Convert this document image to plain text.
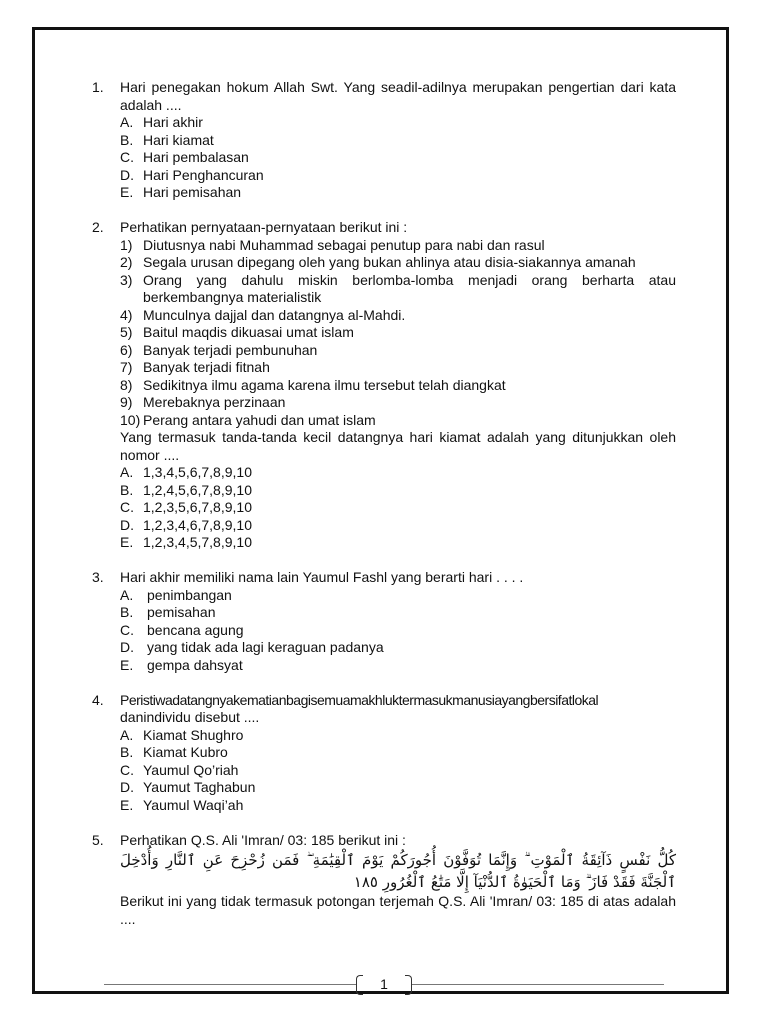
1. Hari penegakan hokum Allah Swt. Yang seadil-adilnya merupakan pengertian dari kata adalah ....
A. Hari akhir
B. Hari kiamat
C. Hari pembalasan
D. Hari Penghancuran
E. Hari pemisahan
2. Perhatikan pernyataan-pernyataan berikut ini :
1) Diutusnya nabi Muhammad sebagai penutup para nabi dan rasul
2) Segala urusan dipegang oleh yang bukan ahlinya atau disia-siakannya amanah
3) Orang yang dahulu miskin berlomba-lomba menjadi orang berharta atau berkembangnya materialistik
4) Munculnya dajjal dan datangnya al-Mahdi.
5) Baitul maqdis dikuasai umat islam
6) Banyak terjadi pembunuhan
7) Banyak terjadi fitnah
8) Sedikitnya ilmu agama karena ilmu tersebut telah diangkat
9) Merebaknya perzinaan
10) Perang antara yahudi dan umat islam
Yang termasuk tanda-tanda kecil datangnya hari kiamat adalah yang ditunjukkan oleh nomor ....
A. 1,3,4,5,6,7,8,9,10
B. 1,2,4,5,6,7,8,9,10
C. 1,2,3,5,6,7,8,9,10
D. 1,2,3,4,6,7,8,9,10
E. 1,2,3,4,5,7,8,9,10
3. Hari akhir memiliki nama lain Yaumul Fashl yang berarti hari . . . .
A. penimbangan
B. pemisahan
C. bencana agung
D. yang tidak ada lagi keraguan padanya
E. gempa dahsyat
4. Peristiwadatangnyakematianbagisemuamakhluktermasukmanusiayangbersifatlokal
danindividu disebut ....
A. Kiamat Shughro
B. Kiamat Kubro
C. Yaumul Qo’riah
D. Yaumut Taghabun
E. Yaumul Waqi’ah
5. Perhatikan Q.S. Ali 'Imran/ 03: 185 berikut ini :
كُلُّ نَفْسٍ ذَآئِقَةُ ٱلْمَوْتِ ۗ وَإِنَّمَا تُوَفَّوْنَ أُجُورَكُمْ يَوْمَ ٱلْقِيَٰمَةِ ۖ فَمَن زُحْزِحَ عَنِ ٱلنَّارِ وَأُدْخِلَ ٱلْجَنَّةَ فَقَدْ فَازَ ۗ وَمَا ٱلْحَيَوٰةُ ٱلدُّنْيَآ إِلَّا مَتَٰعُ ٱلْغُرُورِ ١٨٥
Berikut ini yang tidak termasuk potongan terjemah Q.S. Ali 'Imran/ 03: 185 di atas adalah ....
1
